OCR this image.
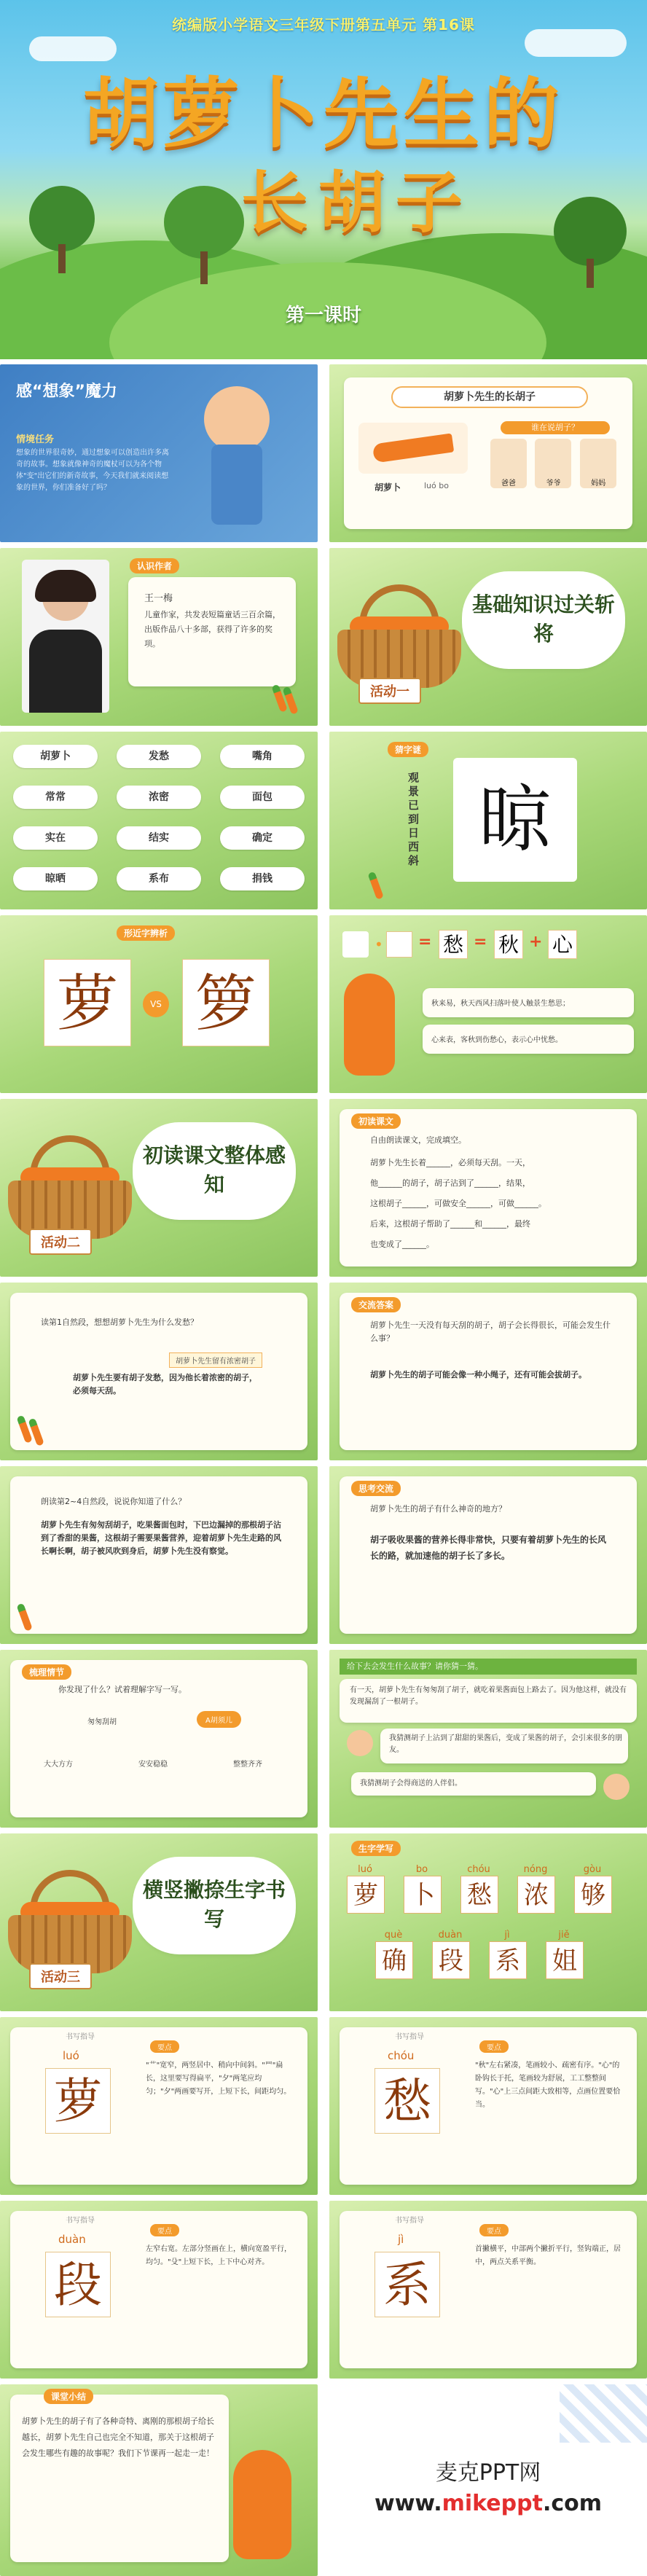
统编版小学语文三年级下册第五单元 第16课
胡萝卜先生的
长胡子
第一课时
感“想象”魔力
情境任务
想象的世界很奇妙，通过想象可以创造出许多离奇的故事。想象就像神奇的魔杖可以为各个物体"变"出它们的新奇故事，今天我们就来阅读想象的世界，你们准备好了吗？
胡萝卜先生的长胡子
胡萝卜	luó bo
谁在说胡子？
爸爸	爷爷	妈妈
认识作者
王一梅
儿童作家，共发表短篇童话三百余篇，出版作品八十多部，获得了许多的奖项。
活动一
基础知识过关斩将
胡萝卜	发愁	嘴角
常常	浓密	面包
实在	结实	确定
晾晒	系布	捐钱
猜字谜
观景已到日西斜 晾
形近字辨析
萝	VS 箩
• = 愁 = 秋 + 心
秋来易，秋天西风扫落叶使人触景生愁思；
心来表，客秋到伤愁心，表示心中忧愁。
活动二
初读课文整体感知
初读课文
自由朗读课文，完成填空。
胡萝卜先生长着______，必须每天刮。一天，
他______的胡子，胡子沾到了______，结果，
这根胡子______，可做安全______，可做______。
后来，这根胡子帮助了______和______，最终
也变成了______。
读第1自然段，想想胡萝卜先生为什么发愁？
胡萝卜先生留有浓密胡子
胡萝卜先生要有胡子发愁，因为他长着浓密的胡子，必须每天刮。
交流答案
胡萝卜先生一天没有每天刮的胡子，胡子会长得很长，可能会发生什么事？
胡萝卜先生的胡子可能会像一种小绳子，还有可能会拔胡子。
朗读第2~4自然段，说说你知道了什么？
胡萝卜先生有匆匆刮胡子，吃果酱面包时，下巴边漏掉的那根胡子沾到了香甜的果酱，这根胡子需要果酱营养，迎着胡萝卜先生走路的风长啊长啊，胡子被风吹到身后，胡萝卜先生没有察觉。
思考交流
胡萝卜先生的胡子有什么神奇的地方？
胡子吸收果酱的营养长得非常快，只要有着胡萝卜先生的长风长的路，就加速他的胡子长了多长。
梳理情节
你发现了什么？试着理解字写一写。
匆匆刮胡	A胡须儿
大大方方	安安稳稳	整整齐齐
给下去会发生什么故事？请你猜一猜。
有一天，胡萝卜先生有匆匆刮了胡子，就吃着果酱面包上路去了。因为他这样，就没有发现漏刮了一根胡子。
我猜测胡子上沾到了甜甜的果酱后，变成了果酱的胡子，会引来很多的朋友。
我猜测胡子会得商送的人伴侣。
活动三
横竖撇捺生字书写
生字学写
luó
萝
bo
卜
chóu
愁
nóng
浓
gòu
够
què
确
duàn
段
jì
系
jiě
姐
书写指导
luó
萝
要点
"艹"宽窄，两竖居中、稍向中间斜。"罒"扁长，这里要写得扁平，"夕"两笔应均匀；"夕"两画要写开，上短下长，间距均匀。
书写指导
chóu
愁
要点
"秋"左右紧凑，笔画较小、疏密有序。"心"的卧钩长于托，笔画较为舒展，工工整整间写。"心"上三点间距大致相等，点画位置要恰当。
书写指导
duàn
段
要点
左窄右宽。左部分竖画在上，横向宽盈平行，均匀。"殳"上短下长，上下中心对齐。
书写指导
jì
系
要点
首撇横平，中部两个撇折平行，竖钩端正，居中，两点关系平衡。
课堂小结
胡萝卜先生的胡子有了各种奇特、离刚的那根胡子给长越长，胡萝卜先生自己也完全不知道，那关于这根胡子会发生哪些有趣的故事呢？我们下节课再一起走一走！
麦克PPT网
www.mikeppt.com
